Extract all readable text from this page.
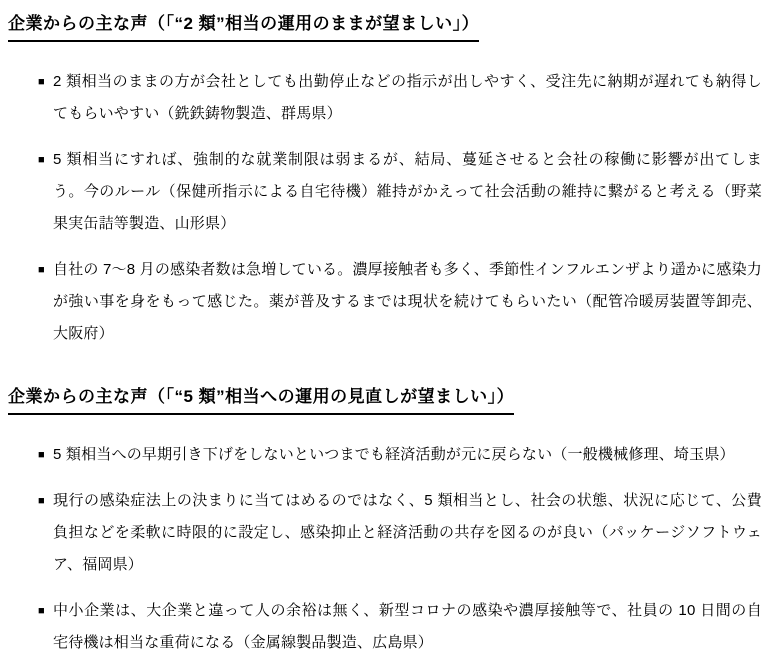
企業からの主な声（「“2 類”相当の運用のままが望ましい」）
■ 2 類相当のままの方が会社としても出勤停止などの指示が出しやすく、受注先に納期が遅れても納得してもらいやすい（銑鉄鋳物製造、群馬県）
■ 5 類相当にすれば、強制的な就業制限は弱まるが、結局、蔓延させると会社の稼働に影響が出てしまう。今のルール（保健所指示による自宅待機）維持がかえって社会活動の維持に繋がると考える（野菜果実缶詰等製造、山形県）
■ 自社の 7～8 月の感染者数は急増している。濃厚接触者も多く、季節性インフルエンザより遥かに感染力が強い事を身をもって感じた。薬が普及するまでは現状を続けてもらいたい（配管冷暖房装置等卸売、大阪府）
企業からの主な声（「“5 類”相当への運用の見直しが望ましい」）
■ 5 類相当への早期引き下げをしないといつまでも経済活動が元に戻らない（一般機械修理、埼玉県）
■ 現行の感染症法上の決まりに当てはめるのではなく、5 類相当とし、社会の状態、状況に応じて、公費負担などを柔軟に時限的に設定し、感染抑止と経済活動の共存を図るのが良い（パッケージソフトウェア、福岡県）
■ 中小企業は、大企業と違って人の余裕は無く、新型コロナの感染や濃厚接触等で、社員の 10 日間の自宅待機は相当な重荷になる（金属線製品製造、広島県）
